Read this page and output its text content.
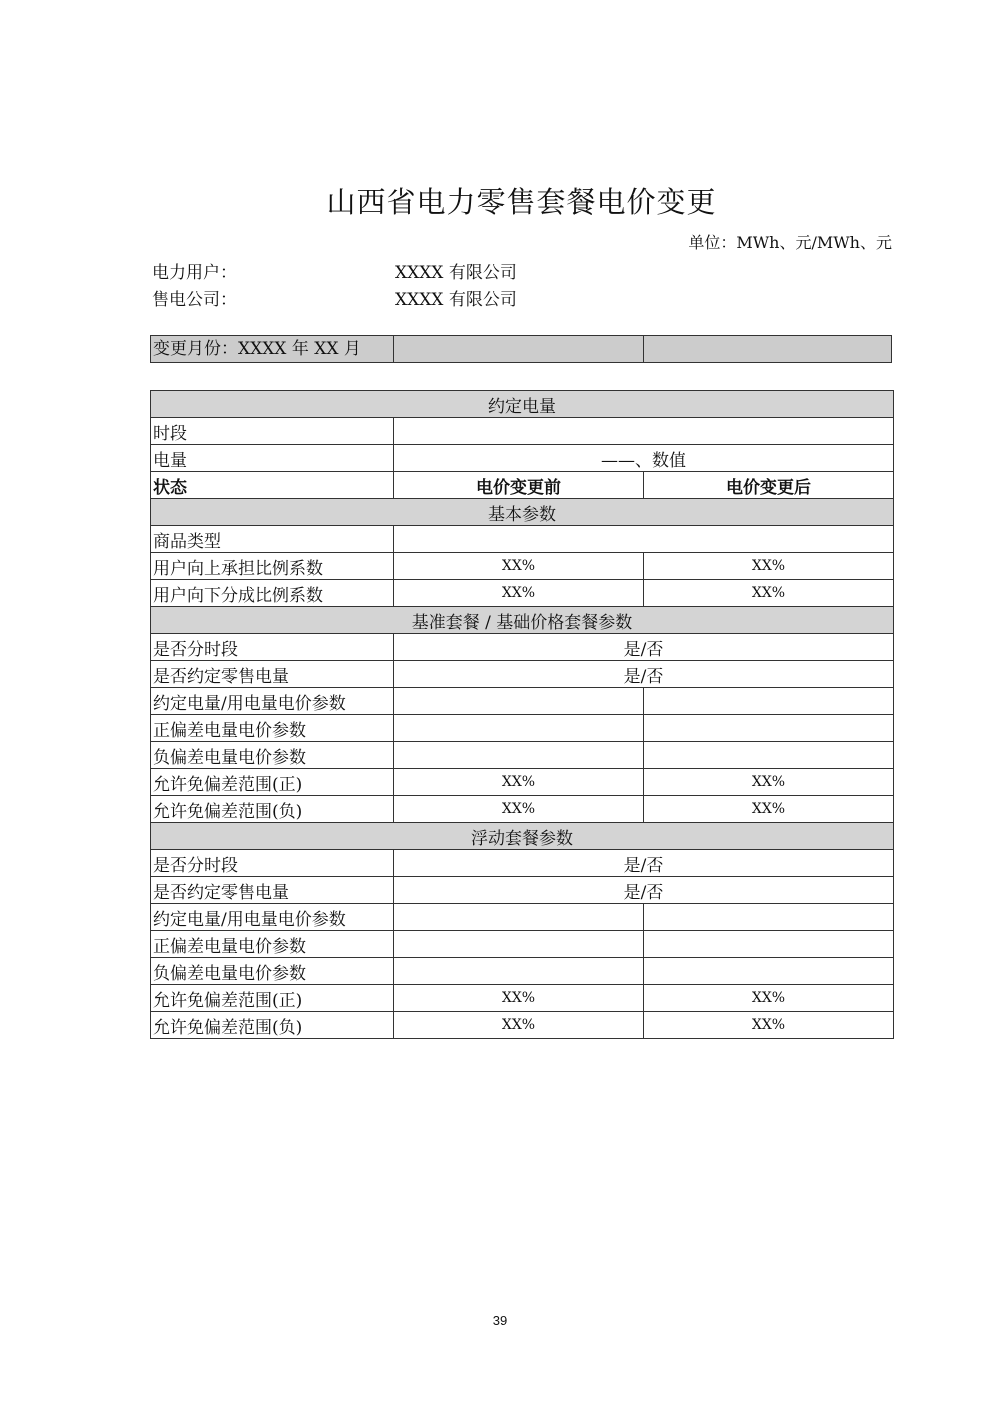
山西省电力零售套餐电价变更
单位：MWh、元/MWh、元
电力用户：	XXXX 有限公司
售电公司：	XXXX 有限公司
变更月份：XXXX 年 XX 月
约定电量		
时段		
电量	——、数值	
状态	电价变更前	电价变更后
基本参数		
商品类型		
用户向上承担比例系数	XX%	XX%
用户向下分成比例系数	XX%	XX%
基准套餐 / 基础价格套餐参数		
是否分时段	是/否	
是否约定零售电量	是/否	
约定电量/用电量电价参数		
正偏差电量电价参数		
负偏差电量电价参数		
允许免偏差范围(正)	XX%	XX%
允许免偏差范围(负)	XX%	XX%
浮动套餐参数		
是否分时段	是/否	
是否约定零售电量	是/否	
约定电量/用电量电价参数		
正偏差电量电价参数		
负偏差电量电价参数		
允许免偏差范围(正)	XX%	XX%
允许免偏差范围(负)	XX%	XX%
39
